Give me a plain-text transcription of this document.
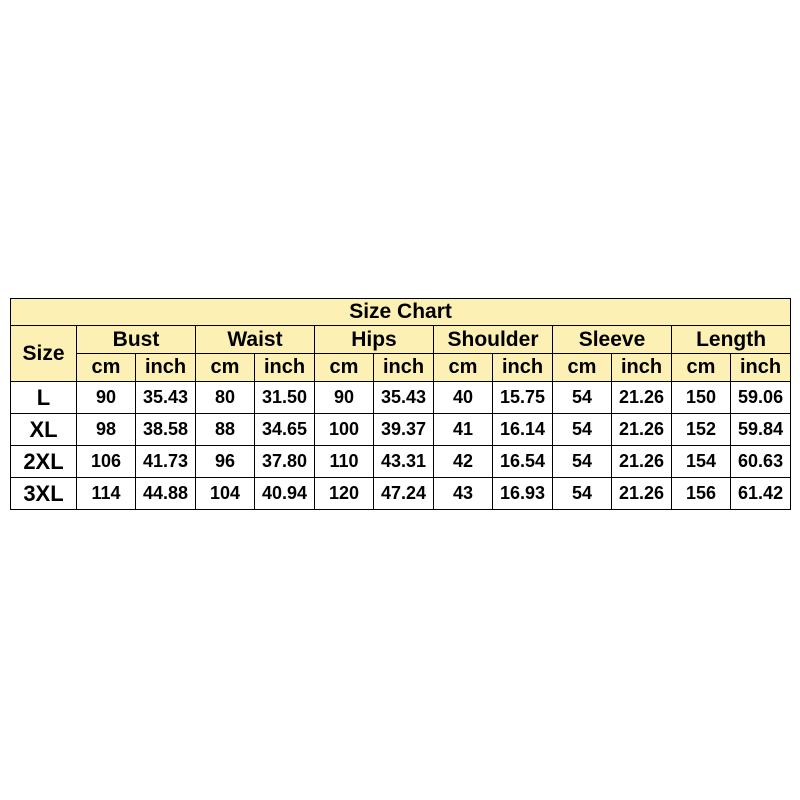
Size Chart												
Size	Bust		Waist		Hips		Shoulder		Sleeve		Length	
	cm	inch	cm	inch	cm	inch	cm	inch	cm	inch	cm	inch
L	90	35.43	80	31.50	90	35.43	40	15.75	54	21.26	150	59.06
XL	98	38.58	88	34.65	100	39.37	41	16.14	54	21.26	152	59.84
2XL	106	41.73	96	37.80	110	43.31	42	16.54	54	21.26	154	60.63
3XL	114	44.88	104	40.94	120	47.24	43	16.93	54	21.26	156	61.42
